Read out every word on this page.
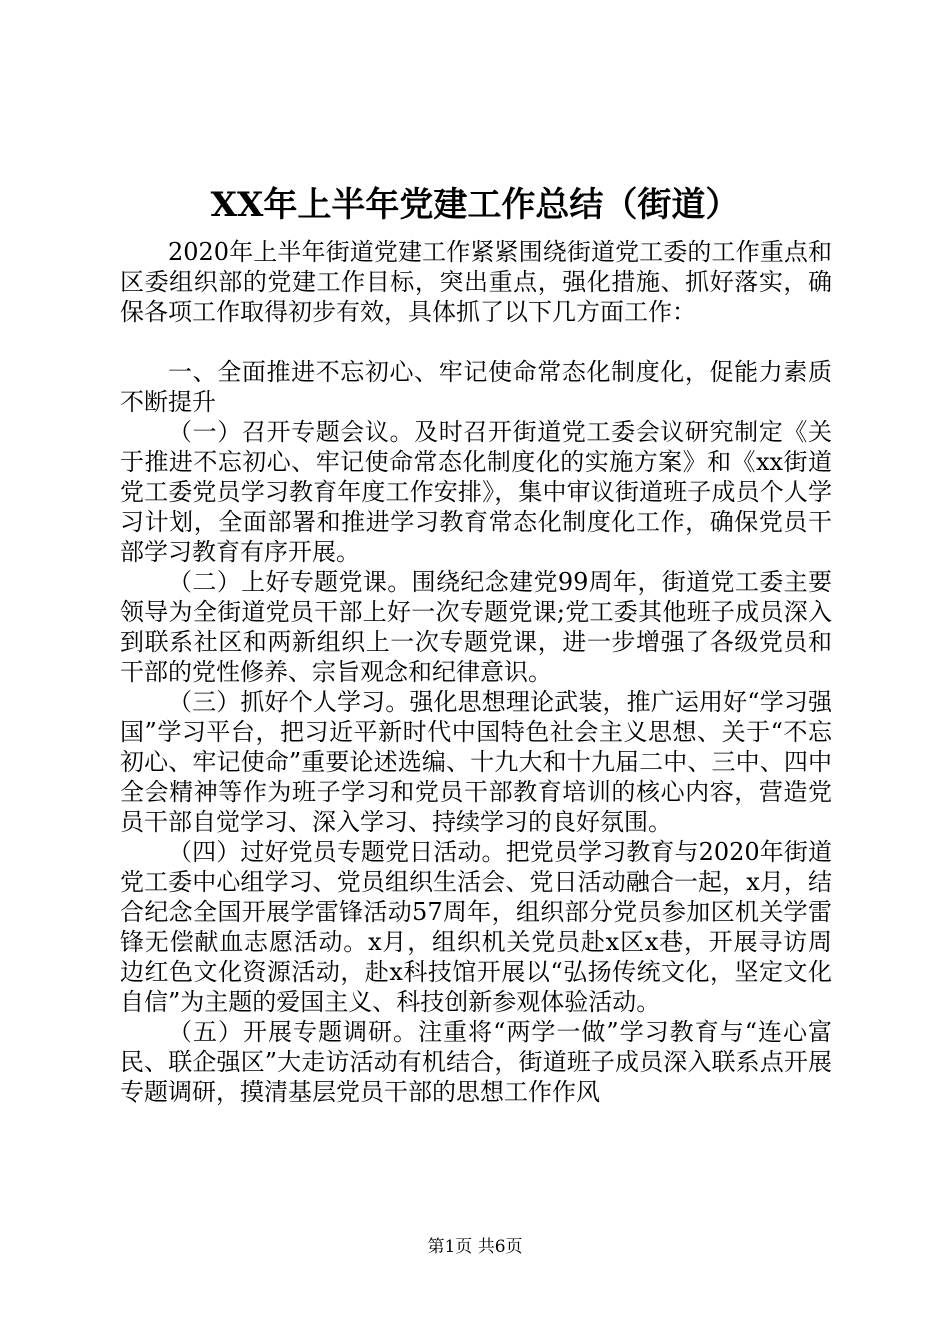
XX年上半年党建工作总结（街道）

2020年上半年街道党建工作紧紧围绕街道党工委的工作重点和区委组织部的党建工作目标，突出重点，强化措施、抓好落实，确保各项工作取得初步有效，具体抓了以下几方面工作：

一、全面推进不忘初心、牢记使命常态化制度化，促能力素质不断提升

（一）召开专题会议。及时召开街道党工委会议研究制定《关于推进不忘初心、牢记使命常态化制度化的实施方案》和《xx街道党工委党员学习教育年度工作安排》，集中审议街道班子成员个人学习计划，全面部署和推进学习教育常态化制度化工作，确保党员干部学习教育有序开展。

（二）上好专题党课。围绕纪念建党99周年，街道党工委主要领导为全街道党员干部上好一次专题党课;党工委其他班子成员深入到联系社区和两新组织上一次专题党课，进一步增强了各级党员和干部的党性修养、宗旨观念和纪律意识。

（三）抓好个人学习。强化思想理论武装，推广运用好“学习强国”学习平台，把习近平新时代中国特色社会主义思想、关于“不忘初心、牢记使命”重要论述选编、十九大和十九届二中、三中、四中全会精神等作为班子学习和党员干部教育培训的核心内容，营造党员干部自觉学习、深入学习、持续学习的良好氛围。

（四）过好党员专题党日活动。把党员学习教育与2020年街道党工委中心组学习、党员组织生活会、党日活动融合一起，x月，结合纪念全国开展学雷锋活动57周年，组织部分党员参加区机关学雷锋无偿献血志愿活动。x月，组织机关党员赴x区x巷，开展寻访周边红色文化资源活动，赴x科技馆开展以“弘扬传统文化，坚定文化自信”为主题的爱国主义、科技创新参观体验活动。

（五）开展专题调研。注重将“两学一做”学习教育与“连心富民、联企强区”大走访活动有机结合，街道班子成员深入联系点开展专题调研，摸清基层党员干部的思想工作作风

第1页 共6页
